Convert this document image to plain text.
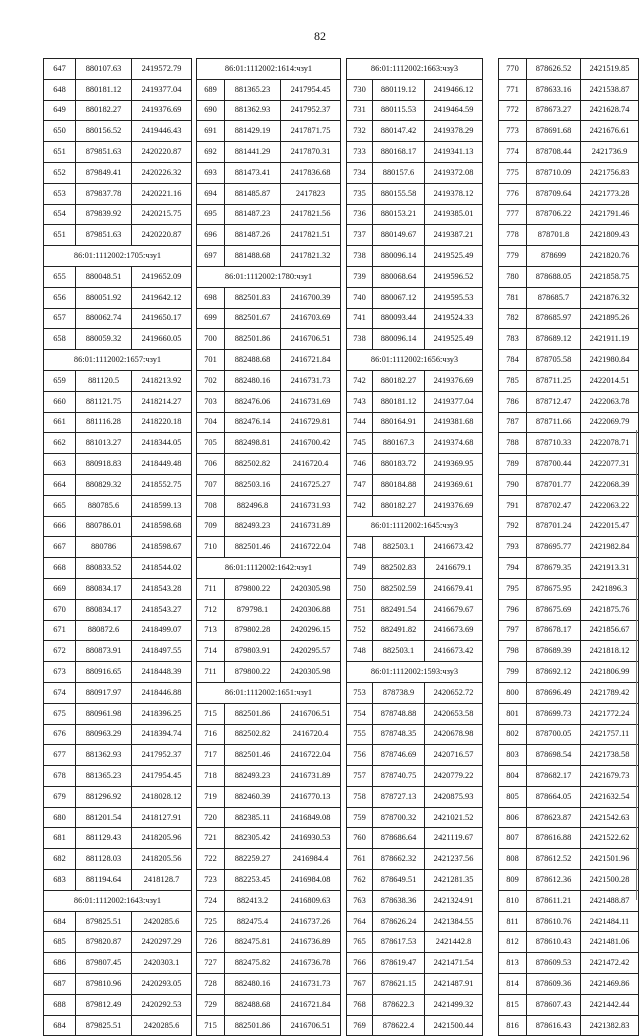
82
647	880107.63	2419572.79
648	880181.12	2419377.04
649	880182.27	2419376.69
650	880156.52	2419446.43
651	879851.63	2420220.87
652	879849.41	2420226.32
653	879837.78	2420221.16
654	879839.92	2420215.75
651	879851.63	2420220.87
86:01:1112002:1705:чзу1		
655	880048.51	2419652.09
656	880051.92	2419642.12
657	880062.74	2419650.17
658	880059.32	2419660.05
86:01:1112002:1657:чзу1		
659	881120.5	2418213.92
660	881121.75	2418214.27
661	881116.28	2418220.18
662	881013.27	2418344.05
663	880918.83	2418449.48
664	880829.32	2418552.75
665	880785.6	2418599.13
666	880786.01	2418598.68
667	880786	2418598.67
668	880833.52	2418544.02
669	880834.17	2418543.28
670	880834.17	2418543.27
671	880872.6	2418499.07
672	880873.91	2418497.55
673	880916.65	2418448.39
674	880917.97	2418446.88
675	880961.98	2418396.25
676	880963.29	2418394.74
677	881362.93	2417952.37
678	881365.23	2417954.45
679	881296.92	2418028.12
680	881201.54	2418127.91
681	881129.43	2418205.96
682	881128.03	2418205.56
683	881194.64	2418128.7
86:01:1112002:1643:чзу1		
684	879825.51	2420285.6
685	879820.87	2420297.29
686	879807.45	2420303.1
687	879810.96	2420293.05
688	879812.49	2420292.53
684	879825.51	2420285.6
86:01:1112002:1614:чзу1		
689	881365.23	2417954.45
690	881362.93	2417952.37
691	881429.19	2417871.75
692	881441.29	2417870.31
693	881473.41	2417836.68
694	881485.87	2417823
695	881487.23	2417821.56
696	881487.26	2417821.51
697	881488.68	2417821.32
86:01:1112002:1780:чзу1		
698	882501.83	2416700.39
699	882501.67	2416703.69
700	882501.86	2416706.51
701	882488.68	2416721.84
702	882480.16	2416731.73
703	882476.06	2416731.69
704	882476.14	2416729.81
705	882498.81	2416700.42
706	882502.82	2416720.4
707	882503.16	2416725.27
708	882496.8	2416731.93
709	882493.23	2416731.89
710	882501.46	2416722.04
86:01:1112002:1642:чзу1		
711	879800.22	2420305.98
712	879798.1	2420306.88
713	879802.28	2420296.15
714	879803.91	2420295.57
711	879800.22	2420305.98
86:01:1112002:1651:чзу1		
715	882501.86	2416706.51
716	882502.82	2416720.4
717	882501.46	2416722.04
718	882493.23	2416731.89
719	882460.39	2416770.13
720	882385.11	2416849.08
721	882305.42	2416930.53
722	882259.27	2416984.4
723	882253.45	2416984.08
724	882413.2	2416809.63
725	882475.4	2416737.26
726	882475.81	2416736.89
727	882475.82	2416736.78
728	882480.16	2416731.73
729	882488.68	2416721.84
715	882501.86	2416706.51
86:01:1112002:1663:чзу3		
730	880119.12	2419466.12
731	880115.53	2419464.59
732	880147.42	2419378.29
733	880168.17	2419341.13
734	880157.6	2419372.08
735	880155.58	2419378.12
736	880153.21	2419385.01
737	880149.67	2419387.21
738	880096.14	2419525.49
739	880068.64	2419596.52
740	880067.12	2419595.53
741	880093.44	2419524.33
738	880096.14	2419525.49
86:01:1112002:1656:чзу3		
742	880182.27	2419376.69
743	880181.12	2419377.04
744	880164.91	2419381.68
745	880167.3	2419374.68
746	880183.72	2419369.95
747	880184.88	2419369.61
742	880182.27	2419376.69
86:01:1112002:1645:чзу3		
748	882503.1	2416673.42
749	882502.83	2416679.1
750	882502.59	2416679.41
751	882491.54	2416679.67
752	882491.82	2416673.69
748	882503.1	2416673.42
86:01:1112002:1593:чзу3		
753	878738.9	2420652.72
754	878748.88	2420653.58
755	878748.35	2420678.98
756	878746.69	2420716.57
757	878740.75	2420779.22
758	878727.13	2420875.93
759	878700.32	2421021.52
760	878686.64	2421119.67
761	878662.32	2421237.56
762	878649.51	2421281.35
763	878638.36	2421324.91
764	878626.24	2421384.55
765	878617.53	2421442.8
766	878619.47	2421471.54
767	878621.15	2421487.91
768	878622.3	2421499.32
769	878622.4	2421500.44
770	878626.52	2421519.85
771	878633.16	2421538.87
772	878673.27	2421628.74
773	878691.68	2421676.61
774	878708.44	2421736.9
775	878710.09	2421756.83
776	878709.64	2421773.28
777	878706.22	2421791.46
778	878701.8	2421809.43
779	878699	2421820.76
780	878688.05	2421858.75
781	878685.7	2421876.32
782	878685.97	2421895.26
783	878689.12	2421911.19
784	878705.58	2421980.84
785	878711.25	2422014.51
786	878712.47	2422063.78
787	878711.66	2422069.79
788	878710.33	2422078.71
789	878700.44	2422077.31
790	878701.77	2422068.39
791	878702.47	2422063.22
792	878701.24	2422015.47
793	878695.77	2421982.84
794	878679.35	2421913.31
795	878675.95	2421896.3
796	878675.69	2421875.76
797	878678.17	2421856.67
798	878689.39	2421818.12
799	878692.12	2421806.99
800	878696.49	2421789.42
801	878699.73	2421772.24
802	878700.05	2421757.11
803	878698.54	2421738.58
804	878682.17	2421679.73
805	878664.05	2421632.54
806	878623.87	2421542.63
807	878616.88	2421522.62
808	878612.52	2421501.96
809	878612.36	2421500.28
810	878611.21	2421488.87
811	878610.76	2421484.11
812	878610.43	2421481.06
813	878609.53	2421472.42
814	878609.36	2421469.86
815	878607.43	2421442.44
816	878616.43	2421382.83
